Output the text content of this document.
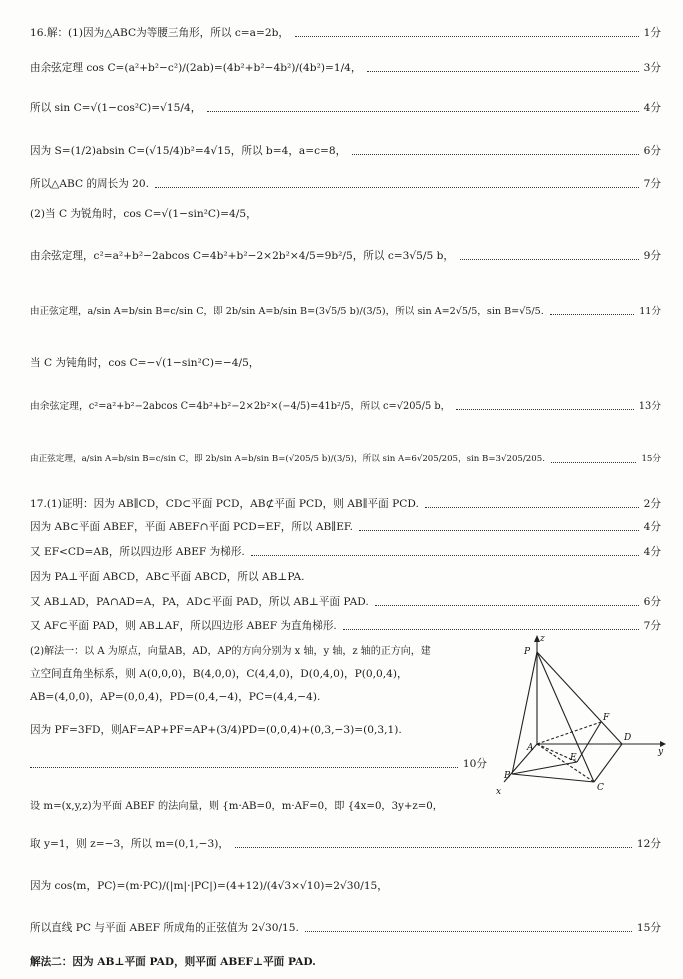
16.解：(1)因为△ABC为等腰三角形，所以 c=a=2b，	1分
由余弦定理 cos C=(a²+b²−c²)/(2ab)=(4b²+b²−4b²)/(4b²)=1/4，	3分
所以 sin C=√(1−cos²C)=√15/4，	4分
因为 S=(1/2)absin C=(√15/4)b²=4√15，所以 b=4，a=c=8，	6分
所以△ABC 的周长为 20.	7分
(2)当 C 为锐角时，cos C=√(1−sin²C)=4/5，
由余弦定理，c²=a²+b²−2abcos C=4b²+b²−2×2b²×4/5=9b²/5，所以 c=3√5/5 b，	9分
由正弦定理，a/sin A=b/sin B=c/sin C，即 2b/sin A=b/sin B=(3√5/5 b)/(3/5)，所以 sin A=2√5/5，sin B=√5/5.	11分
当 C 为钝角时，cos C=−√(1−sin²C)=−4/5，
由余弦定理，c²=a²+b²−2abcos C=4b²+b²−2×2b²×(−4/5)=41b²/5，所以 c=√205/5 b，	13分
由正弦定理，a/sin A=b/sin B=c/sin C，即 2b/sin A=b/sin B=(√205/5 b)/(3/5)，所以 sin A=6√205/205，sin B=3√205/205.	15分
17.(1)证明：因为 AB∥CD，CD⊂平面 PCD，AB⊄平面 PCD，则 AB∥平面 PCD.	2分
因为 AB⊂平面 ABEF，平面 ABEF∩平面 PCD=EF，所以 AB∥EF.	4分
又 EF<CD=AB，所以四边形 ABEF 为梯形.	4分
因为 PA⊥平面 ABCD，AB⊂平面 ABCD，所以 AB⊥PA.
又 AB⊥AD，PA∩AD=A，PA，AD⊂平面 PAD，所以 AB⊥平面 PAD.	6分
又 AF⊂平面 PAD，则 AB⊥AF，所以四边形 ABEF 为直角梯形.	7分
(2)解法一：以 A 为原点，向量AB，AD，AP的方向分别为 x 轴，y 轴，z 轴的正方向，建
立空间直角坐标系，则 A(0,0,0)，B(4,0,0)，C(4,4,0)，D(0,4,0)，P(0,0,4)，
AB=(4,0,0)，AP=(0,0,4)，PD=(0,4,−4)，PC=(4,4,−4).
因为 PF=3FD，则AF=AP+PF=AP+(3/4)PD=(0,0,4)+(0,3,−3)=(0,3,1).
10分
设 m=(x,y,z)为平面 ABEF 的法向量，则 {m·AB=0，m·AF=0，即 {4x=0，3y+z=0，
取 y=1，则 z=−3，所以 m=(0,1,−3)，	12分
因为 cos⟨m，PC⟩=(m·PC)/(|m|·|PC|)=(4+12)/(4√3×√10)=2√30/15，
所以直线 PC 与平面 ABEF 所成角的正弦值为 2√30/15.	15分
解法二：因为 AB⊥平面 PAD，则平面 ABEF⊥平面 PAD.
P
A
B
C
D
E
F
x
y
z
